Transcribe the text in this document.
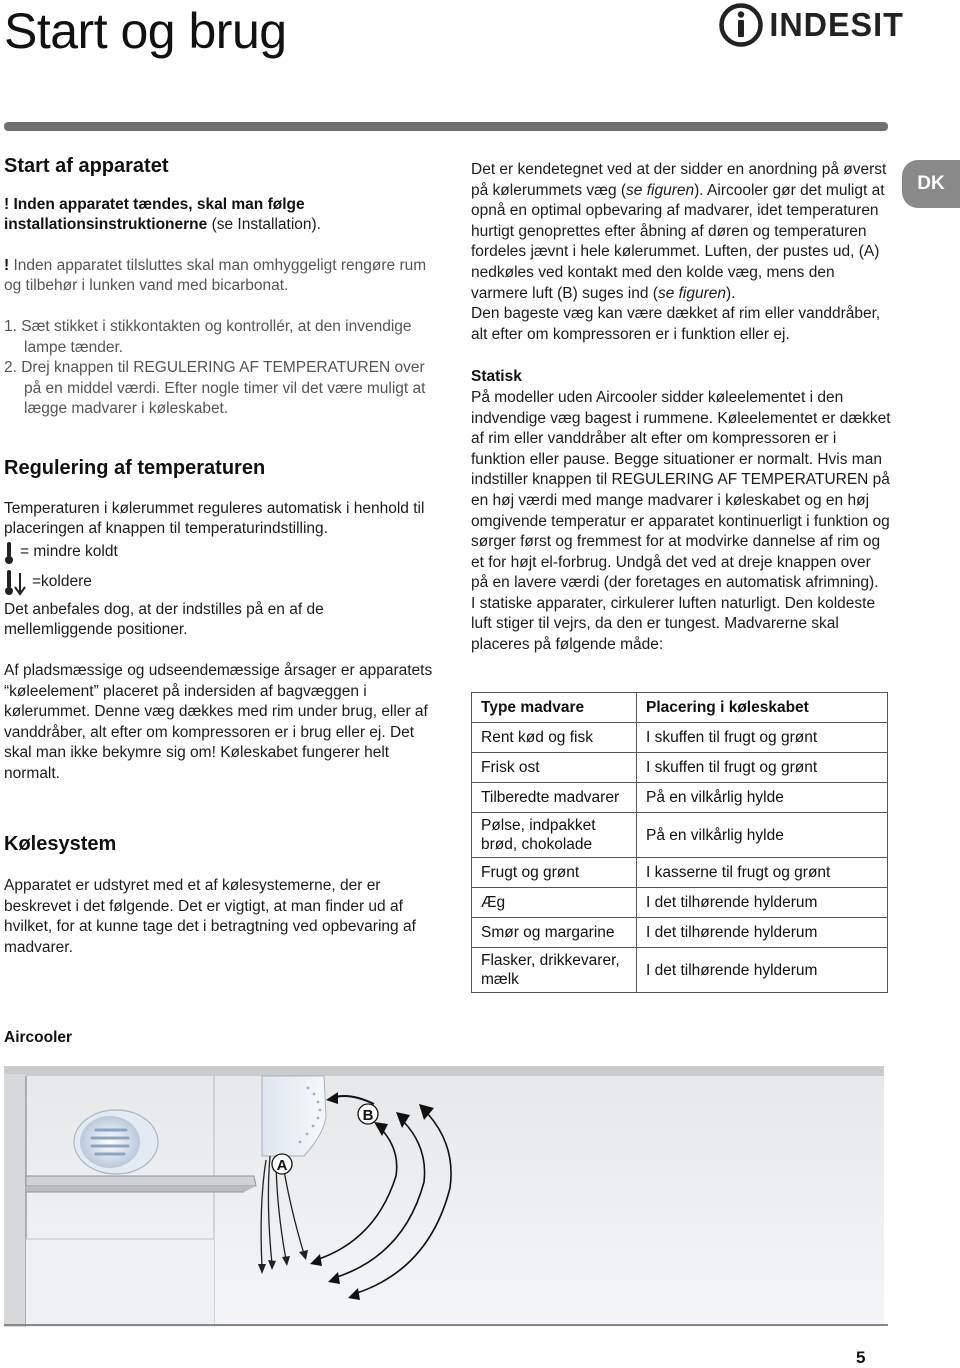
Start og brug	INDESIT
DK
Start af apparatet

! Inden apparatet tændes, skal man følge installationsinstruktionerne (se Installation).

! Inden apparatet tilsluttes skal man omhyggeligt rengøre rum og tilbehør i lunken vand med bicarbonat.

1. Sæt stikket i stikkontakten og kontrollér, at den invendige lampe tænder.

2. Drej knappen til REGULERING AF TEMPERATUREN over på en middel værdi. Efter nogle timer vil det være muligt at lægge madvarer i køleskabet.

Regulering af temperaturen

Temperaturen i kølerummet reguleres automatisk i henhold til placeringen af knappen til temperaturindstilling.

= mindre koldt
=koldere

Det anbefales dog, at der indstilles på en af de mellemliggende positioner.

Af pladsmæssige og udseendemæssige årsager er apparatets “køleelement” placeret på indersiden af bagvæggen i kølerummet. Denne væg dækkes med rim under brug, eller af vanddråber, alt efter om kompressoren er i brug eller ej. Det skal man ikke bekymre sig om! Køleskabet fungerer helt normalt.

Kølesystem

Apparatet er udstyret med et af kølesystemerne, der er beskrevet i det følgende. Det er vigtigt, at man finder ud af hvilket, for at kunne tage det i betragtning ved opbevaring af madvarer.

Det er kendetegnet ved at der sidder en anordning på øverst på kølerummets væg (se figuren). Aircooler gør det muligt at opnå en optimal opbevaring af madvarer, idet temperaturen hurtigt genoprettes efter åbning af døren og temperaturen fordeles jævnt i hele kølerummet. Luften, der pustes ud, (A) nedkøles ved kontakt med den kolde væg, mens den varmere luft (B) suges ind (se figuren).

Den bageste væg kan være dækket af rim eller vanddråber, alt efter om kompressoren er i funktion eller ej.

Statisk

På modeller uden Aircooler sidder køleelementet i den indvendige væg bagest i rummene. Køleelementet er dækket af rim eller vanddråber alt efter om kompressoren er i funktion eller pause. Begge situationer er normalt. Hvis man indstiller knappen til REGULERING AF TEMPERATUREN på en høj værdi med mange madvarer i køleskabet og en høj omgivende temperatur er apparatet kontinuerligt i funktion og sørger først og fremmest for at modvirke dannelse af rim og et for højt el-forbrug. Undgå det ved at dreje knappen over på en lavere værdi (der foretages en automatisk afrimning).

I statiske apparater, cirkulerer luften naturligt. Den koldeste luft stiger til vejrs, da den er tungest. Madvarerne skal placeres på følgende måde:

Type madvare	Placering i køleskabet
Rent kød og fisk	I skuffen til frugt og grønt
Frisk ost	I skuffen til frugt og grønt
Tilberedte madvarer	På en vilkårlig hylde
Pølse, indpakket brød, chokolade	På en vilkårlig hylde
Frugt og grønt	I kasserne til frugt og grønt
Æg	I det tilhørende hylderum
Smør og margarine	I det tilhørende hylderum
Flasker, drikkevarer, mælk	I det tilhørende hylderum
Aircooler
A
B
5
